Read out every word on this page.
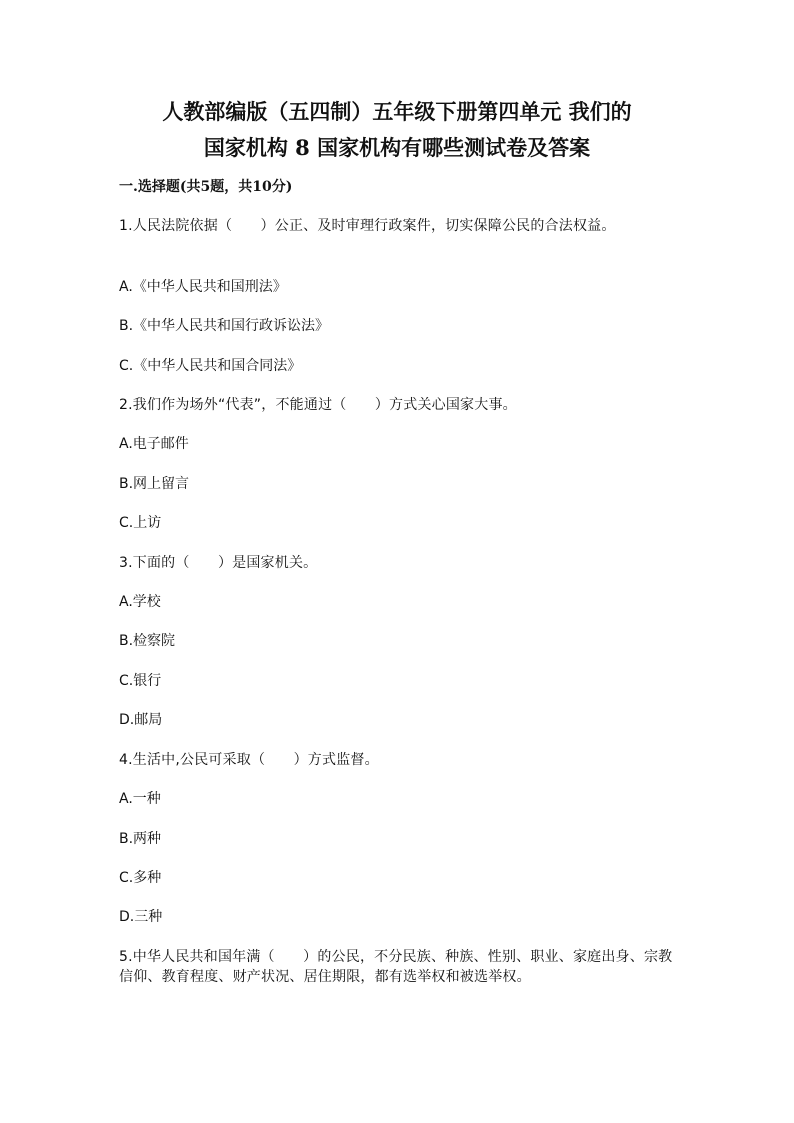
人教部编版（五四制）五年级下册第四单元 我们的
国家机构 8 国家机构有哪些测试卷及答案
一.选择题(共5题，共10分)
1.人民法院依据（　　）公正、及时审理行政案件，切实保障公民的合法权益。
A.《中华人民共和国刑法》
B.《中华人民共和国行政诉讼法》
C.《中华人民共和国合同法》
2.我们作为场外“代表”，不能通过（　　）方式关心国家大事。
A.电子邮件
B.网上留言
C.上访
3.下面的（　　）是国家机关。
A.学校
B.检察院
C.银行
D.邮局
4.生活中,公民可采取（　　）方式监督。
A.一种
B.两种
C.多种
D.三种
5.中华人民共和国年满（　　）的公民，不分民族、种族、性别、职业、家庭出身、宗教信仰、教育程度、财产状况、居住期限，都有选举权和被选举权。
